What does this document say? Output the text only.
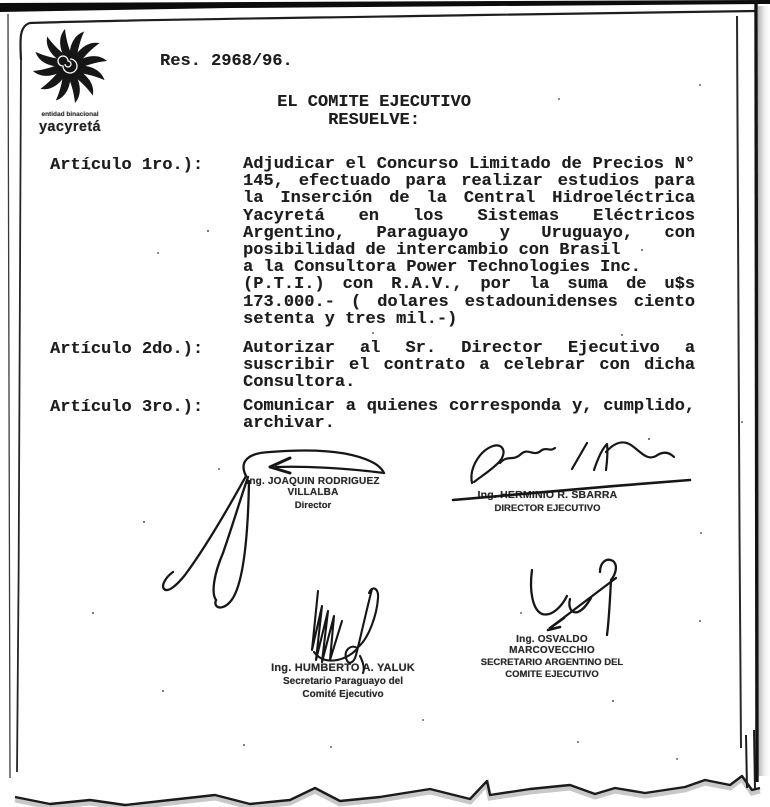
entidad binacional
yacyretá
Res. 2968/96.
EL COMITE EJECUTIVO
RESUELVE:
Artículo 1ro.): Adjudicar el Concurso Limitado de Precios N°
145, efectuado para realizar estudios para
la Inserción de la Central Hidroeléctrica
Yacyretá en los Sistemas Eléctricos
Argentino, Paraguayo y Uruguayo, con
posibilidad de intercambio con Brasil
a la Consultora Power Technologies Inc.
(P.T.I.) con R.A.V., por la suma de u$s
173.000.- ( dolares estadounidenses ciento
setenta y tres mil.-)
Artículo 2do.): Autorizar al Sr. Director Ejecutivo a
suscribir el contrato a celebrar con dicha
Consultora.
Artículo 3ro.): Comunicar a quienes corresponda y, cumplido,
archivar.
Ing. JOAQUIN RODRIGUEZ VILLALBA
Director
Ing. HERMINIO R. SBARRA
DIRECTOR EJECUTIVO
Ing. HUMBERTO A. YALUK
Secretario Paraguayo del
Comité Ejecutivo
Ing. OSVALDO MARCOVECCHIO
SECRETARIO ARGENTINO DEL
COMITE EJECUTIVO
